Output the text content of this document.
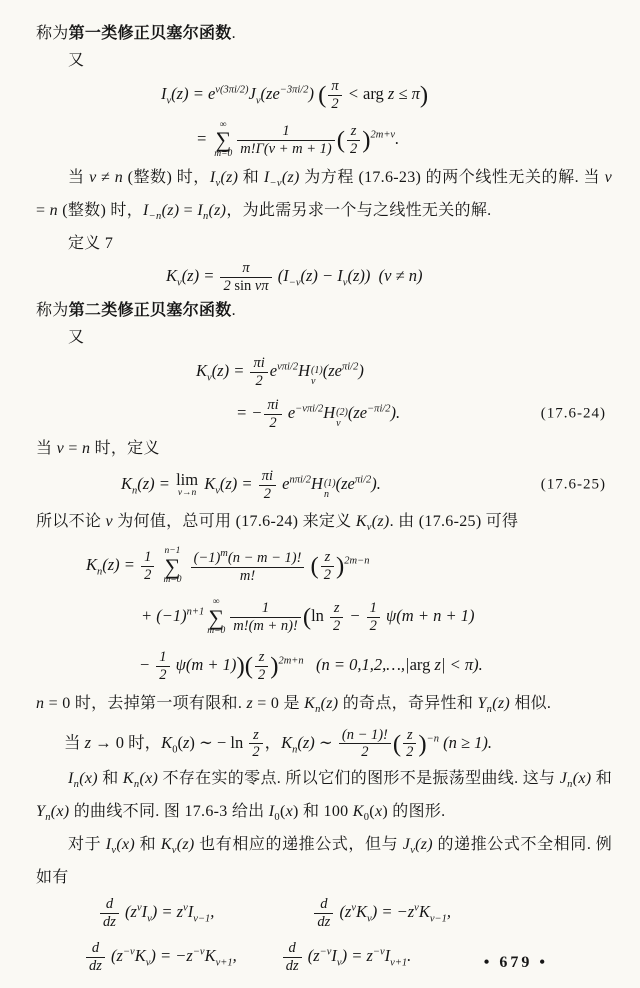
称为第一类修正贝塞尔函数.

又

$I_\nu(z) = e^{\nu(3\pi i/2)}J_\nu(ze^{-3\pi i/2})$ ( $\frac{\pi}{2}$ < arg z ≤ π)
=
∞
∑
$m=0 \frac{1}{m!\Gamma(\nu + m + 1)}$ ( $\frac{z}{2} )^{2m+\nu}$.

当 ν ≠ n (整数) 时，$I_\nu(z)$ 和 $I_{-\nu}(z)$ 为方程 (17.6-23) 的两个线性无关的解. 当 ν = n (整数) 时，$I_{-n}(z) = I_n(z)$，为此需另求一个与之线性无关的解.

定义 7

$K_\nu(z) = \frac{\pi}{\text{2 sin νπ}} (I_{-\nu}(z) - I_\nu(z)) (\nu \ne n)$

称为第二类修正贝塞尔函数.

又

$K_\nu(z) = \frac{\pi i}{2} e^{\nu\pi i/2}H$ (1)
ν
$(ze^{\pi i/2})$
= − $\frac{\pi i}{2} e^{-\nu\pi i/2}H$ (2)
ν
$(ze^{-\pi i/2})$.	(17.6-24)

当 ν = n 时，定义

$K_n(z) = \lim$
ν→n $K_\nu(z) = \frac{\pi i}{2} e^{n\pi i/2}H$ (1)
n
$(ze^{\pi i/2})$.	(17.6-25)

所以不论 ν 为何值，总可用 (17.6-24) 来定义 $K_\nu(z)$. 由 (17.6-25) 可得

$K_n(z) = \frac{1}{2}$
n−1
∑
m=0
$\frac{(-1)^m(n - m - 1)!}{m!}$ ( $\frac{z}{2} )^{2m-n}$
+ $(-1)^{n+1}$
∞
∑
$m=0 \frac{1}{m!(m + n)!} (\ln \frac{z}{2} - \frac{1}{2} \psi(m + n + 1)$
− $\frac{1}{2} \psi(m + 1))( \frac{z}{2} )^{2m+n}$   (n = 0,1,2,…,|arg z| < π).

n = 0 时，去掉第一项有限和. z = 0 是 $K_n(z)$ 的奇点，奇异性和 $Y_n(z)$ 相似.

当 z → 0 时，$K_0(z)$ ∼ − $\ln \frac{z}{2}$ ，$K_n(z)$ ∼ $\frac{(n - 1)!}{2}$ ( $\frac{z}{2} )^{-n}$ (n ≥ 1).

$I_n(x)$ 和 $K_n(x)$ 不存在实的零点. 所以它们的图形不是振荡型曲线. 这与 $J_n(x)$ 和 $Y_n(x)$ 的曲线不同. 图 17.6-3 给出 $I_0(x)$ 和 100 $K_0(x)$ 的图形.

对于 $I_\nu(x)$ 和 $K_\nu(z)$ 也有相应的递推公式，但与 $J_\nu(z)$ 的递推公式不全相同. 例如有

$\frac{d}{dz} (z^\nu I_\nu) = z^\nu I_{\nu-1}$,	$\frac{d}{dz} (z^\nu K_\nu) = -z^\nu K_{\nu-1}$,
$\frac{d}{dz} (z^{-\nu}K_\nu) = -z^{-\nu}K_{\nu+1}$,	$\frac{d}{dz} (z^{-\nu}I_\nu) = z^{-\nu}I_{\nu+1}$.	• 679 •
